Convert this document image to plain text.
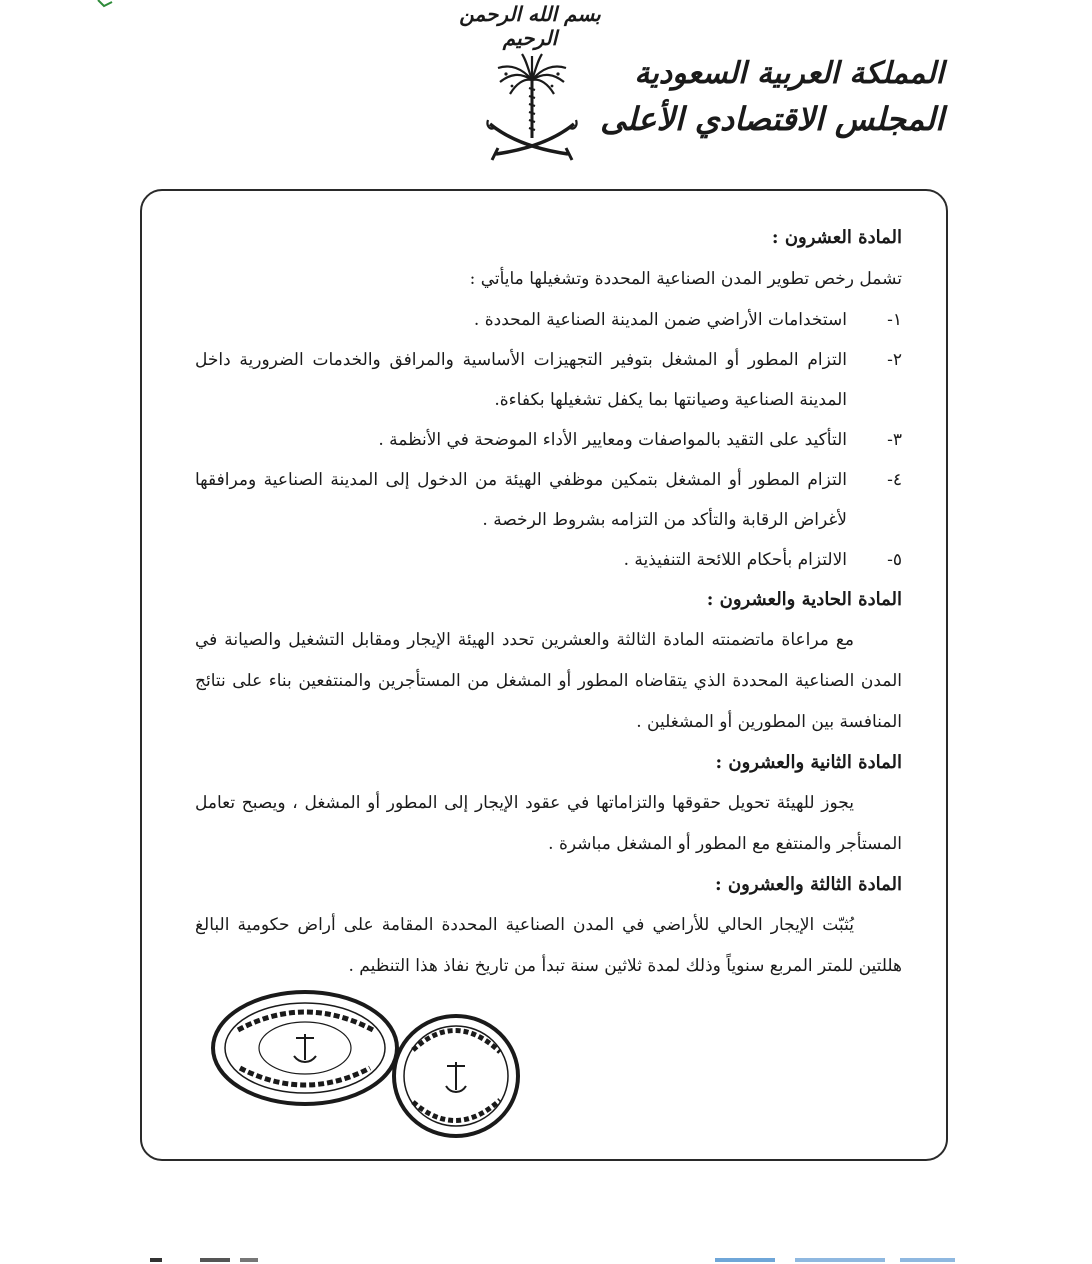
بسم الله الرحمن الرحيم
المملكة العربية السعودية
المجلس الاقتصادي الأعلى
المادة العشرون :
تشمل رخص تطوير المدن الصناعية المحددة وتشغيلها مايأتي :
١-
استخدامات الأراضي ضمن المدينة الصناعية المحددة .
٢-
التزام المطور أو المشغل بتوفير التجهيزات الأساسية والمرافق والخدمات الضرورية داخل المدينة الصناعية وصيانتها بما يكفل تشغيلها بكفاءة.
٣-
التأكيد على التقيد بالمواصفات ومعايير الأداء الموضحة في الأنظمة .
٤-
التزام المطور أو المشغل بتمكين موظفي الهيئة من الدخول إلى المدينة الصناعية ومرافقها لأغراض الرقابة والتأكد من التزامه بشروط الرخصة .
٥-
الالتزام بأحكام اللائحة التنفيذية .
المادة الحادية والعشرون :

مع مراعاة ماتضمنته المادة الثالثة والعشرين تحدد الهيئة الإيجار ومقابل التشغيل والصيانة في المدن الصناعية المحددة الذي يتقاضاه المطور أو المشغل من المستأجرين والمنتفعين بناء على نتائج المنافسة بين المطورين أو المشغلين .

المادة الثانية والعشرون :

يجوز للهيئة تحويل حقوقها والتزاماتها في عقود الإيجار إلى المطور أو المشغل ، ويصبح تعامل المستأجر والمنتفع مع المطور أو المشغل مباشرة .

المادة الثالثة والعشرون :

يُثبّت الإيجار الحالي للأراضي في المدن الصناعية المحددة المقامة على أراض حكومية البالغ هللتين للمتر المربع سنوياً وذلك لمدة ثلاثين سنة تبدأ من تاريخ نفاذ هذا التنظيم .
